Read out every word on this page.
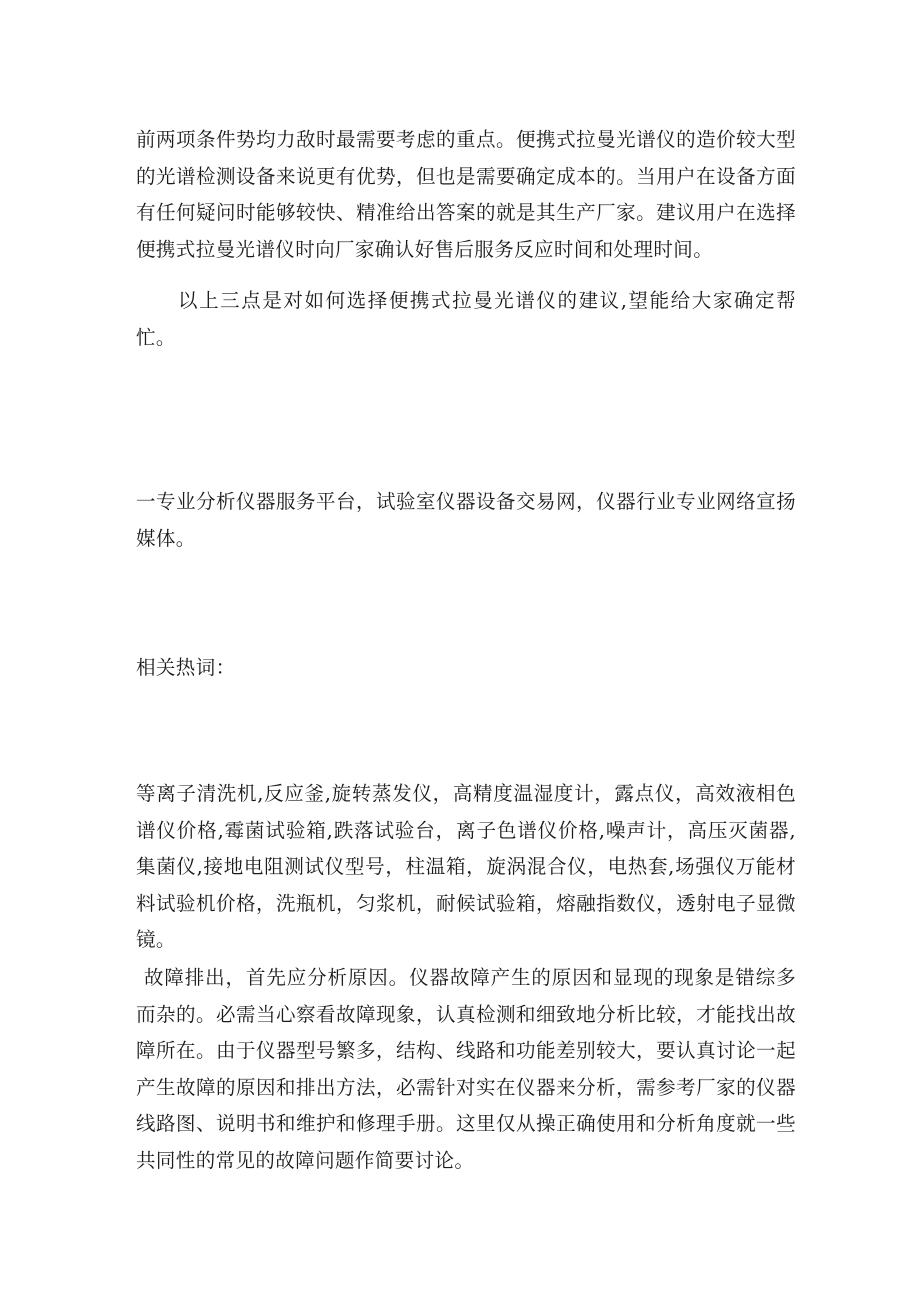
前两项条件势均力敌时最需要考虑的重点。便携式拉曼光谱仪的造价较大型的光谱检测设备来说更有优势，但也是需要确定成本的。当用户在设备方面有任何疑问时能够较快、精准给出答案的就是其生产厂家。建议用户在选择便携式拉曼光谱仪时向厂家确认好售后服务反应时间和处理时间。

以上三点是对如何选择便携式拉曼光谱仪的建议,望能给大家确定帮忙。

一专业分析仪器服务平台，试验室仪器设备交易网，仪器行业专业网络宣扬媒体。

相关热词：

等离子清洗机,反应釜,旋转蒸发仪，高精度温湿度计，露点仪，高效液相色谱仪价格,霉菌试验箱,跌落试验台，离子色谱仪价格,噪声计，高压灭菌器,集菌仪,接地电阻测试仪型号，柱温箱，旋涡混合仪，电热套,场强仪万能材料试验机价格，洗瓶机，匀浆机，耐候试验箱，熔融指数仪，透射电子显微镜。

故障排出，首先应分析原因。仪器故障产生的原因和显现的现象是错综多而杂的。必需当心察看故障现象，认真检测和细致地分析比较，才能找出故障所在。由于仪器型号繁多，结构、线路和功能差别较大，要认真讨论一起产生故障的原因和排出方法，必需针对实在仪器来分析，需参考厂家的仪器线路图、说明书和维护和修理手册。这里仅从操正确使用和分析角度就一些共同性的常见的故障问题作简要讨论。
